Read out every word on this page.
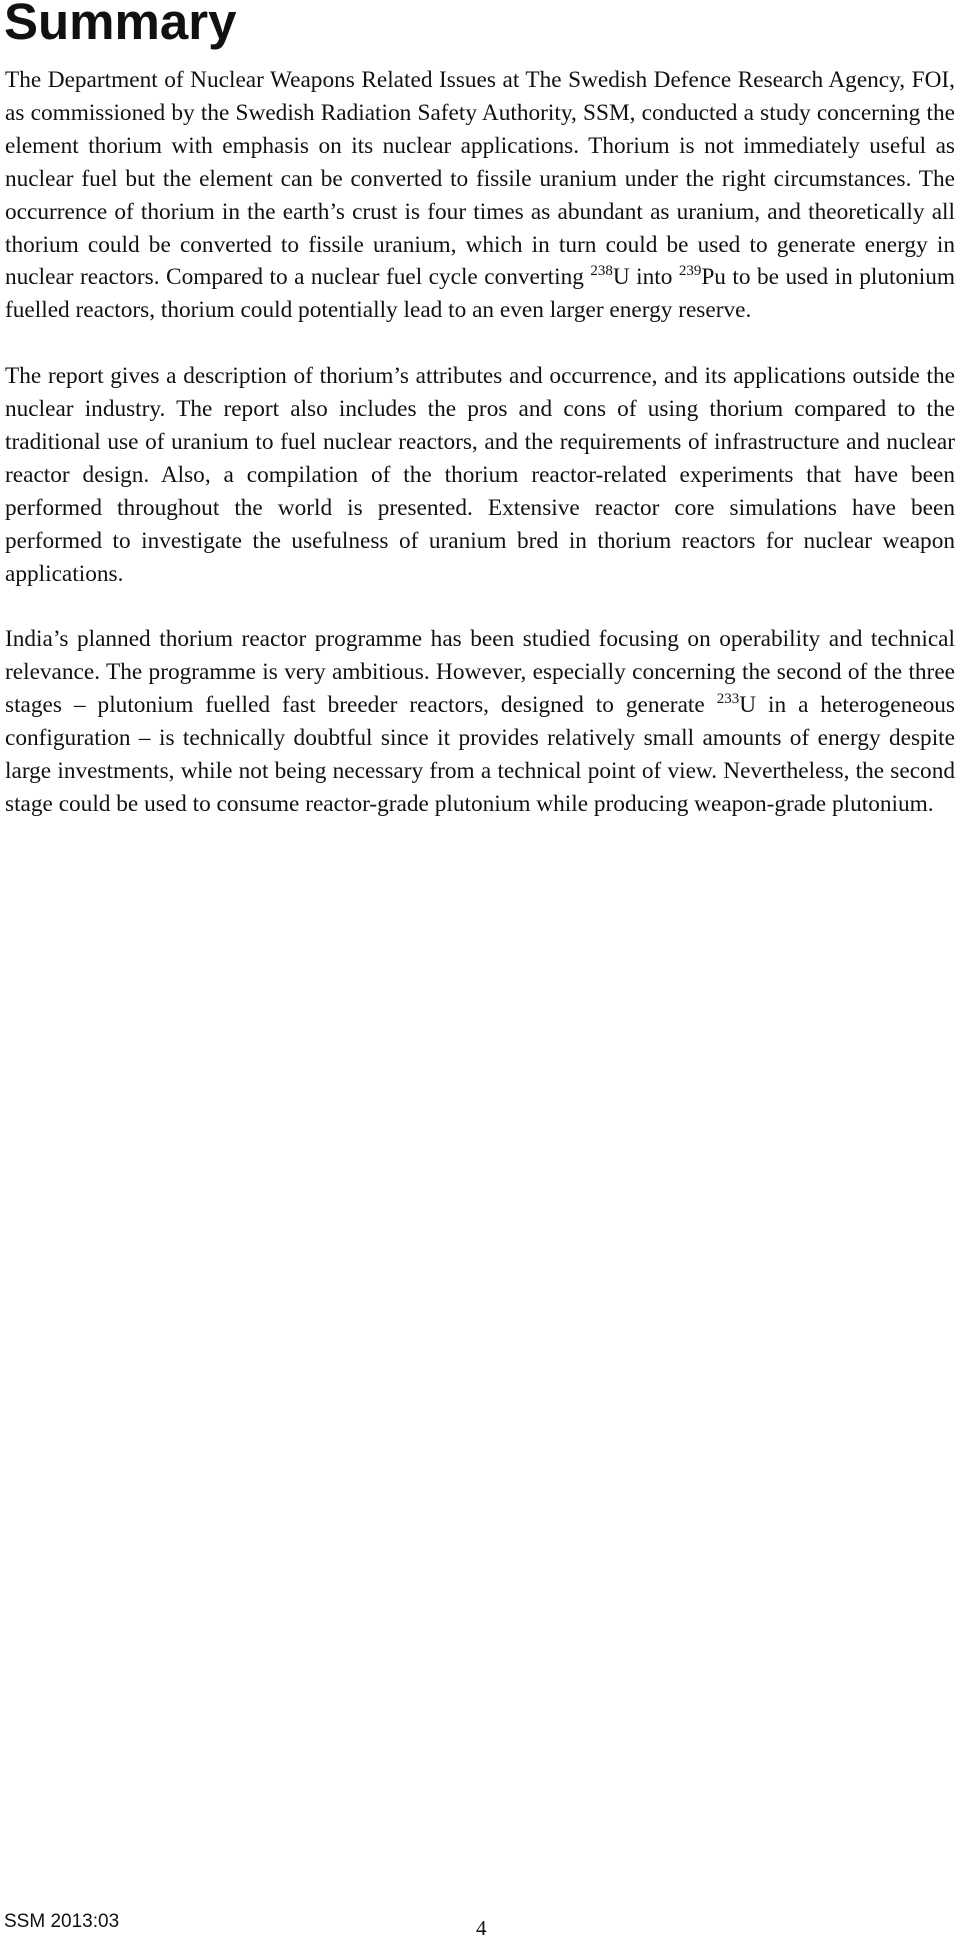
Summary

The Department of Nuclear Weapons Related Issues at The Swedish Defence Research Agency, FOI, as commissioned by the Swedish Radiation Safety Authority, SSM, conducted a study concerning the element thorium with emphasis on its nuclear applications. Thorium is not immediately useful as nuclear fuel but the element can be converted to fissile uranium under the right circumstances. The occurrence of thorium in the earth’s crust is four times as abundant as uranium, and theoretically all thorium could be converted to fissile uranium, which in turn could be used to generate energy in nuclear reactors. Compared to a nuclear fuel cycle converting $^{238}$U into $^{239}$Pu to be used in plutonium fuelled reactors, thorium could potentially lead to an even larger energy reserve.

The report gives a description of thorium’s attributes and occurrence, and its applications outside the nuclear industry. The report also includes the pros and cons of using thorium compared to the traditional use of uranium to fuel nuclear reactors, and the requirements of infrastructure and nuclear reactor design. Also, a compilation of the thorium reactor-related experiments that have been performed throughout the world is presented. Extensive reactor core simulations have been performed to investigate the usefulness of uranium bred in thorium reactors for nuclear weapon applications.

India’s planned thorium reactor programme has been studied focusing on operability and technical relevance. The programme is very ambitious. However, especially concerning the second of the three stages – plutonium fuelled fast breeder reactors, designed to generate $^{233}$U in a heterogeneous configuration – is technically doubtful since it provides relatively small amounts of energy despite large investments, while not being necessary from a technical point of view. Nevertheless, the second stage could be used to consume reactor-grade plutonium while producing weapon-grade plutonium.

SSM 2013:03	4
